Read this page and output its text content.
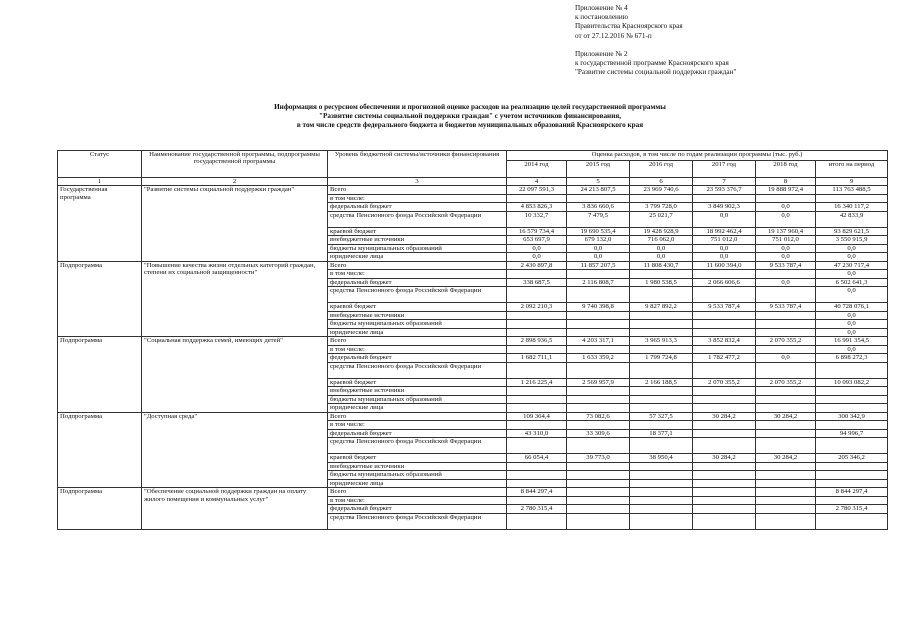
Приложение № 4
к постановлению
Правительства Красноярского края
от от 27.12.2016 № 671-п

Приложение № 2
к государственной программе Красноярского края
"Развитие системы социальной поддержки граждан"
Информация о ресурсном обеспечении и прогнозной оценке расходов на реализацию целей государственной программы
"Развитие системы социальной поддержки граждан" с учетом источников финансирования,
в том числе средств федерального бюджета и бюджетов муниципальных образований Красноярского края
Статус	Наименование государственной программы, подпрограммы государственной программы	Уровень бюджетной системы/источники финансирования	Оценка расходов, в том числе по годам реализации программы (тыс. руб.)					
			2014 год	2015 год	2016 год	2017 год	2018 год	итого на период
1	2	3	4	5	6	7	8	9
Государственная программа	"Развитие системы социальной поддержки граждан"	Всего	22 097 591,3	24 213 807,5	23 969 740,6	23 593 376,7	19 888 972,4	113 763 488,5
		в том числе:						
		федеральный бюджет	4 853 826,3	3 836 660,6	3 799 728,0	3 849 902,3	0,0	16 340 117,2
		средства Пенсионного фонда Российской Федерации	10 332,7	7 479,5	25 021,7	0,0	0,0	42 833,9
		краевой бюджет	16 579 734,4	19 690 535,4	19 428 928,9	18 992 462,4	19 137 960,4	93 829 621,5
		внебюджетные источники	653 697,9	679 132,0	716 062,0	751 012,0	751 012,0	3 550 915,9
		бюджеты муниципальных образований	0,0	0,0	0,0	0,0	0,0	0,0
		юридические лица	0,0	0,0	0,0	0,0	0,0	0,0
Подпрограмма	"Повышение качества жизни отдельных категорий граждан, степени их социальной защищенности"	Всего	2 430 897,8	11 857 207,5	11 808 430,7	11 600 394,0	9 533 787,4	47 230 717,4
		в том числе:						0,0
		федеральный бюджет	338 687,5	2 116 808,7	1 980 538,5	2 066 606,6	0,0	6 502 641,3
		средства Пенсионного фонда Российской Федерации						0,0
		краевой бюджет	2 092 210,3	9 740 398,8	9 827 892,2	9 533 787,4	9 533 787,4	40 728 076,1
		внебюджетные источники						0,0
		бюджеты муниципальных образований						0,0
		юридические лица						0,0
Подпрограмма	"Социальная поддержка семей, имеющих детей"	Всего	2 898 936,5	4 203 317,1	3 965 913,3	3 852 832,4	2 070 355,2	16 991 354,5
		в том числе:						0,0
		федеральный бюджет	1 682 711,1	1 633 359,2	1 799 724,8	1 782 477,2	0,0	6 898 272,3
		средства Пенсионного фонда Российской Федерации						
		краевой бюджет	1 216 225,4	2 569 957,9	2 166 188,5	2 070 355,2	2 070 355,2	10 093 082,2
		внебюджетные источники						
		бюджеты муниципальных образований						
		юридические лица						
Подпрограмма	"Доступная среда"	Всего	109 364,4	73 082,6	57 327,5	30 284,2	30 284,2	300 342,9
		в том числе:						
		федеральный бюджет	43 310,0	33 309,6	18 377,1			94 996,7
		средства Пенсионного фонда Российской Федерации						
		краевой бюджет	66 054,4	39 773,0	38 950,4	30 284,2	30 284,2	205 346,2
		внебюджетные источники						
		бюджеты муниципальных образований						
		юридические лица						
Подпрограмма	"Обеспечение социальной поддержки граждан на оплату жилого помещения и коммунальных услуг"	Всего	8 844 297,4					8 844 297,4
		в том числе:						
		федеральный бюджет	2 780 315,4					2 780 315,4
		средства Пенсионного фонда Российской Федерации						
